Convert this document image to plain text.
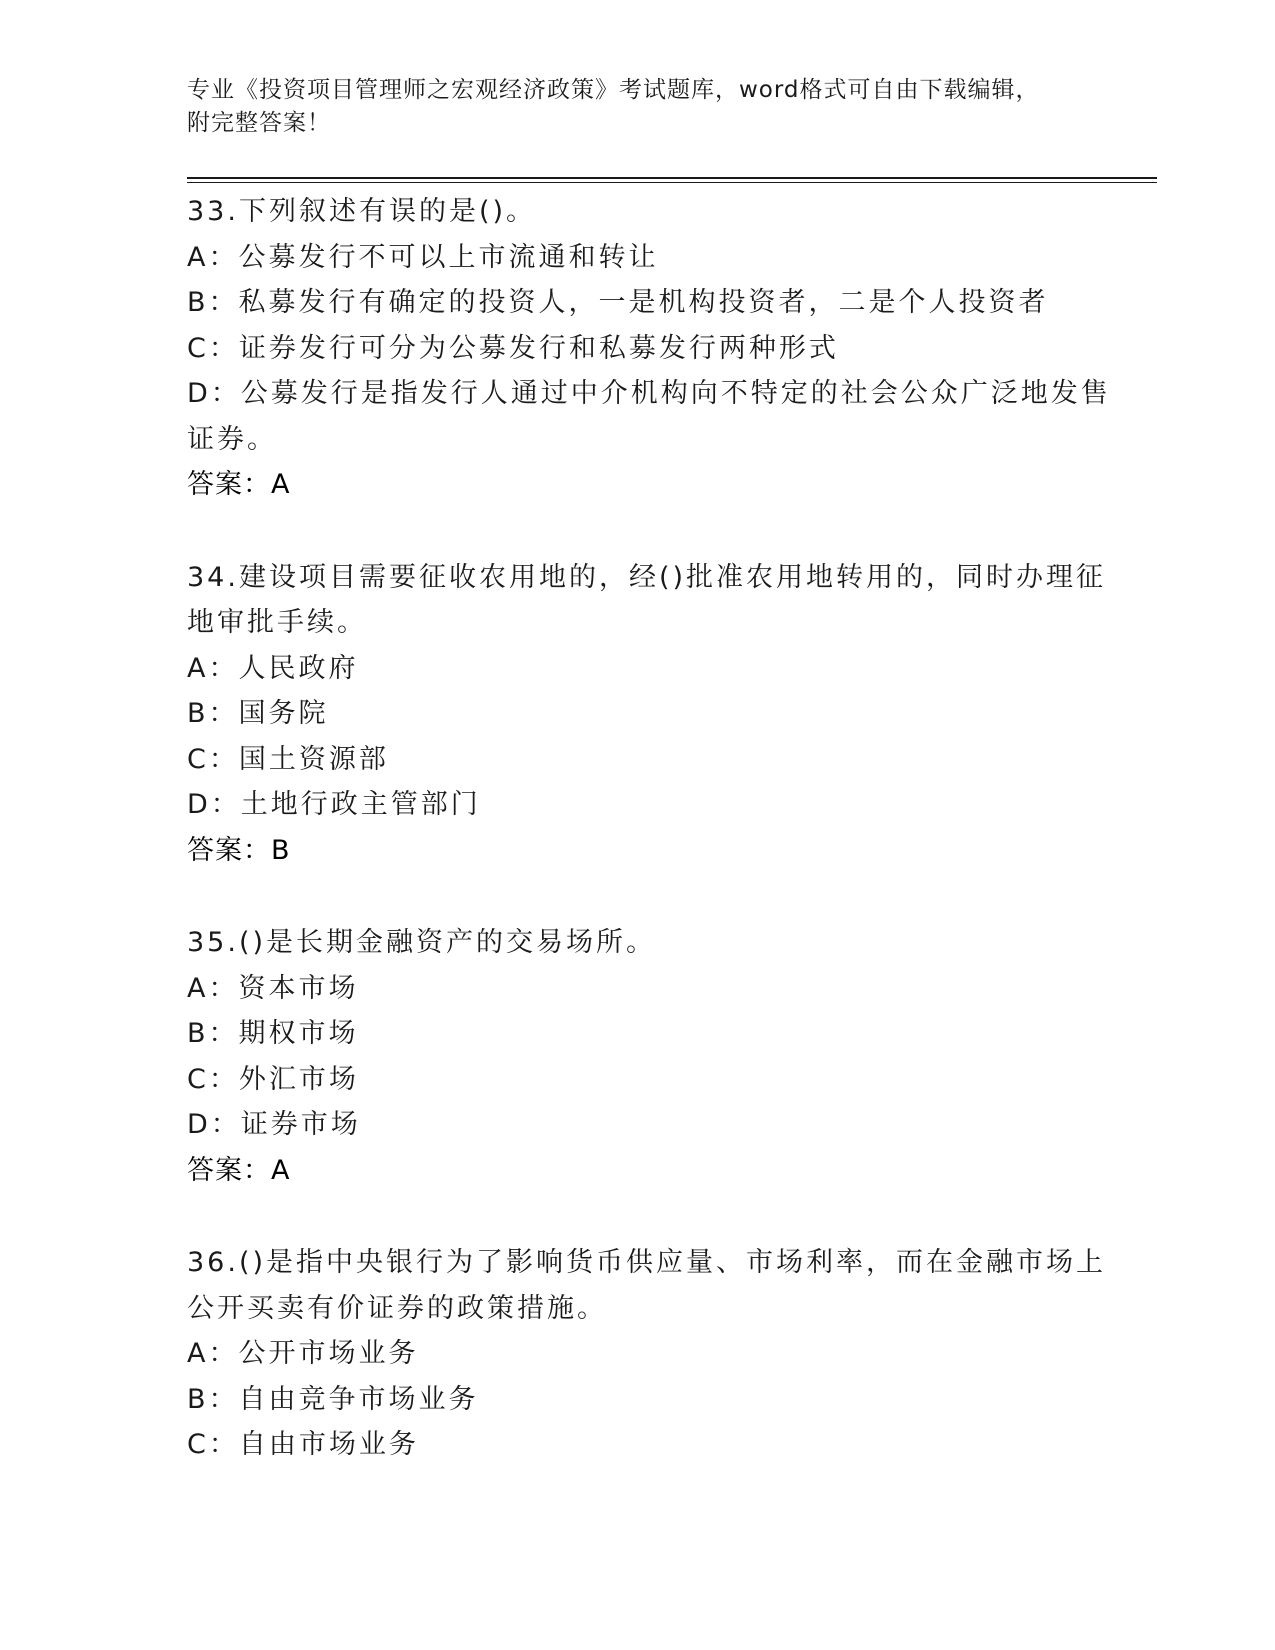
专业《投资项目管理师之宏观经济政策》考试题库，word格式可自由下载编辑，
附完整答案！
33.下列叙述有误的是()。
A：公募发行不可以上市流通和转让
B：私募发行有确定的投资人，一是机构投资者，二是个人投资者
C：证券发行可分为公募发行和私募发行两种形式
D：公募发行是指发行人通过中介机构向不特定的社会公众广泛地发售
证券。
答案：A
34.建设项目需要征收农用地的，经()批准农用地转用的，同时办理征
地审批手续。
A：人民政府
B：国务院
C：国土资源部
D：土地行政主管部门
答案：B
35.()是长期金融资产的交易场所。
A：资本市场
B：期权市场
C：外汇市场
D：证券市场
答案：A
36.()是指中央银行为了影响货币供应量、市场利率，而在金融市场上
公开买卖有价证券的政策措施。
A：公开市场业务
B：自由竞争市场业务
C：自由市场业务
